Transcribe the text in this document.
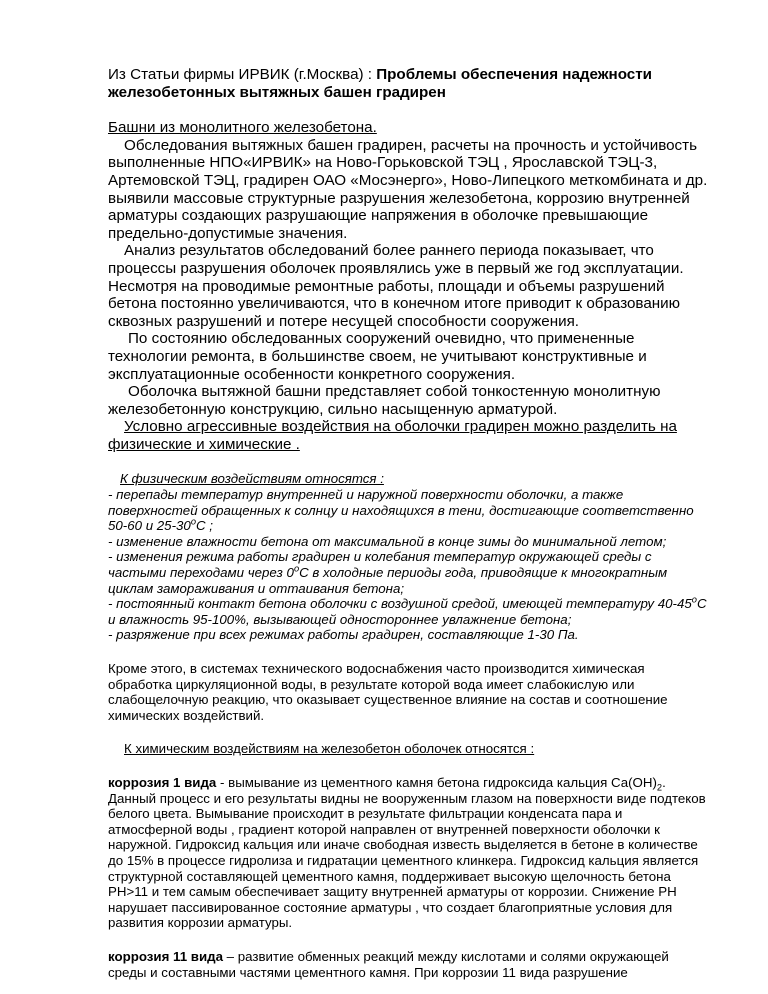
Из Статьи фирмы ИРВИК (г.Москва) : Проблемы обеспечения надежности железобетонных вытяжных башен градирен

Башни из монолитного железобетона.

Обследования вытяжных башен градирен, расчеты на прочность и устойчивость выполненные НПО«ИРВИК» на Ново-Горьковской ТЭЦ , Ярославской ТЭЦ-3, Артемовской ТЭЦ, градирен ОАО «Мосэнерго», Ново-Липецкого меткомбината и др. выявили массовые структурные разрушения железобетона, коррозию внутренней арматуры создающих разрушающие напряжения в оболочке превышающие предельно-допустимые значения.

Анализ результатов обследований более раннего периода показывает, что процессы разрушения оболочек проявлялись уже в первый же год эксплуатации. Несмотря на проводимые ремонтные работы, площади и объемы разрушений бетона постоянно увеличиваются, что в конечном итоге приводит к образованию сквозных разрушений и потере несущей способности сооружения.

По состоянию обследованных сооружений очевидно, что примененные технологии ремонта, в большинстве своем, не учитывают конструктивные и эксплуатационные особенности конкретного сооружения.

Оболочка вытяжной башни представляет собой тонкостенную монолитную железобетонную конструкцию, сильно насыщенную арматурой.

Условно агрессивные воздействия на оболочки градирен можно разделить на физические и химические .

К физическим воздействиям относятся :

- перепады температур внутренней и наружной поверхности оболочки, а также поверхностей обращенных к солнцу и находящихся в тени, достигающие соответственно 50-60 и $25-30^оС$ ;

- изменение влажности бетона от максимальной в конце зимы до минимальной летом;

- изменения режима работы градирен и колебания температур окружающей среды с частыми переходами через $0^оС$ в холодные периоды года, приводящие к многократным циклам замораживания и оттаивания бетона;

- постоянный контакт бетона оболочки с воздушной средой, имеющей температуру $40-45^оС$ и влажность 95-100%, вызывающей одностороннее увлажнение бетона;

- разряжение при всех режимах работы градирен, составляющие 1-30 Па.

Кроме этого, в системах технического водоснабжения часто производится химическая обработка циркуляционной воды, в результате которой вода имеет слабокислую или слабощелочную реакцию, что оказывает существенное влияние на состав и соотношение химических воздействий.

К химическим воздействиям на железобетон оболочек относятся :

коррозия 1 вида - вымывание из цементного камня бетона гидроксида кальция $Са(ОН)_2$. Данный процесс и его результаты видны не вооруженным глазом на поверхности виде подтеков белого цвета. Вымывание происходит в результате фильтрации конденсата пара и атмосферной воды , градиент которой направлен от внутренней поверхности оболочки к наружной. Гидроксид кальция или иначе свободная известь выделяется в бетоне в количестве до 15% в процессе гидролиза и гидратации цементного клинкера. Гидроксид кальция является структурной составляющей цементного камня, поддерживает высокую щелочность бетона РН>11 и тем самым обеспечивает защиту внутренней арматуры от коррозии. Снижение РН нарушает пассивированное состояние арматуры , что создает благоприятные условия для развития коррозии арматуры.

коррозия 11 вида – развитие обменных реакций между кислотами и солями окружающей среды и составными частями цементного камня. При коррозии 11 вида разрушение
